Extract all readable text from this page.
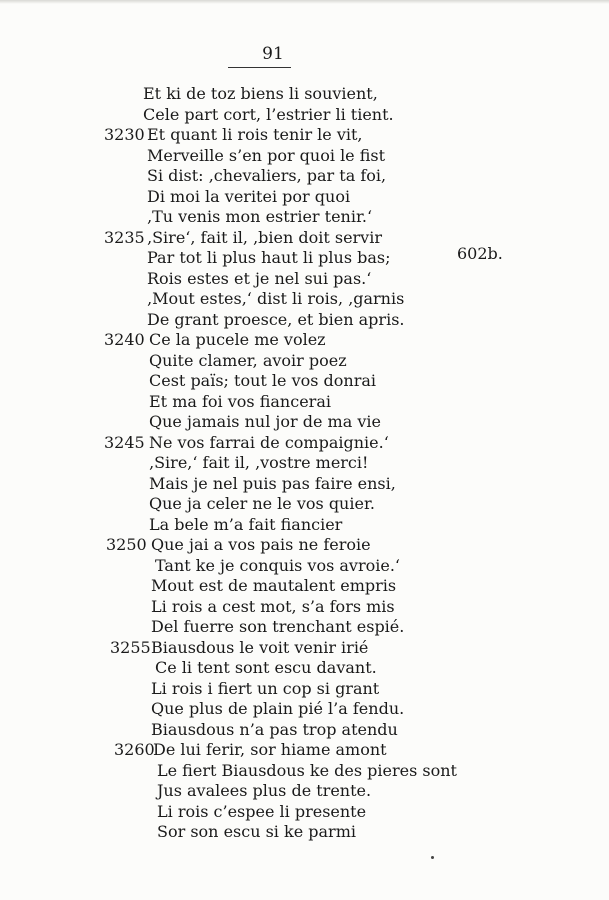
91
602b.
Et ki de toz biens li souvient,
Cele part cort, l’estrier li tient.
Et quant li rois tenir le vit,
3230
Merveille s’en por quoi le fist
Si dist: ‚chevaliers, par ta foi,
Di moi la veritei por quoi
‚Tu venis mon estrier tenir.‘
‚Sire‘, fait il, ‚bien doit servir
3235
Par tot li plus haut li plus bas;
Rois estes et je nel sui pas.‘
‚Mout estes,‘ dist li rois, ‚garnis
De grant proesce, et bien apris.
Ce la pucele me volez
3240
Quite clamer, avoir poez
Cest païs; tout le vos donrai
Et ma foi vos fiancerai
Que jamais nul jor de ma vie
Ne vos farrai de compaignie.‘
3245
‚Sire,‘ fait il, ‚vostre merci!
Mais je nel puis pas faire ensi,
Que ja celer ne le vos quier.
La bele m’a fait fiancier
Que jai a vos pais ne feroie
3250
Tant ke je conquis vos avroie.‘
Mout est de mautalent empris
Li rois a cest mot, s’a fors mis
Del fuerre son trenchant espié.
Biausdous le voit venir irié
3255
Ce li tent sont escu davant.
Li rois i fiert un cop si grant
Que plus de plain pié l’a fendu.
Biausdous n’a pas trop atendu
De lui ferir, sor hiame amont
3260
Le fiert Biausdous ke des pieres sont
Jus avalees plus de trente.
Li rois c’espee li presente
Sor son escu si ke parmi
